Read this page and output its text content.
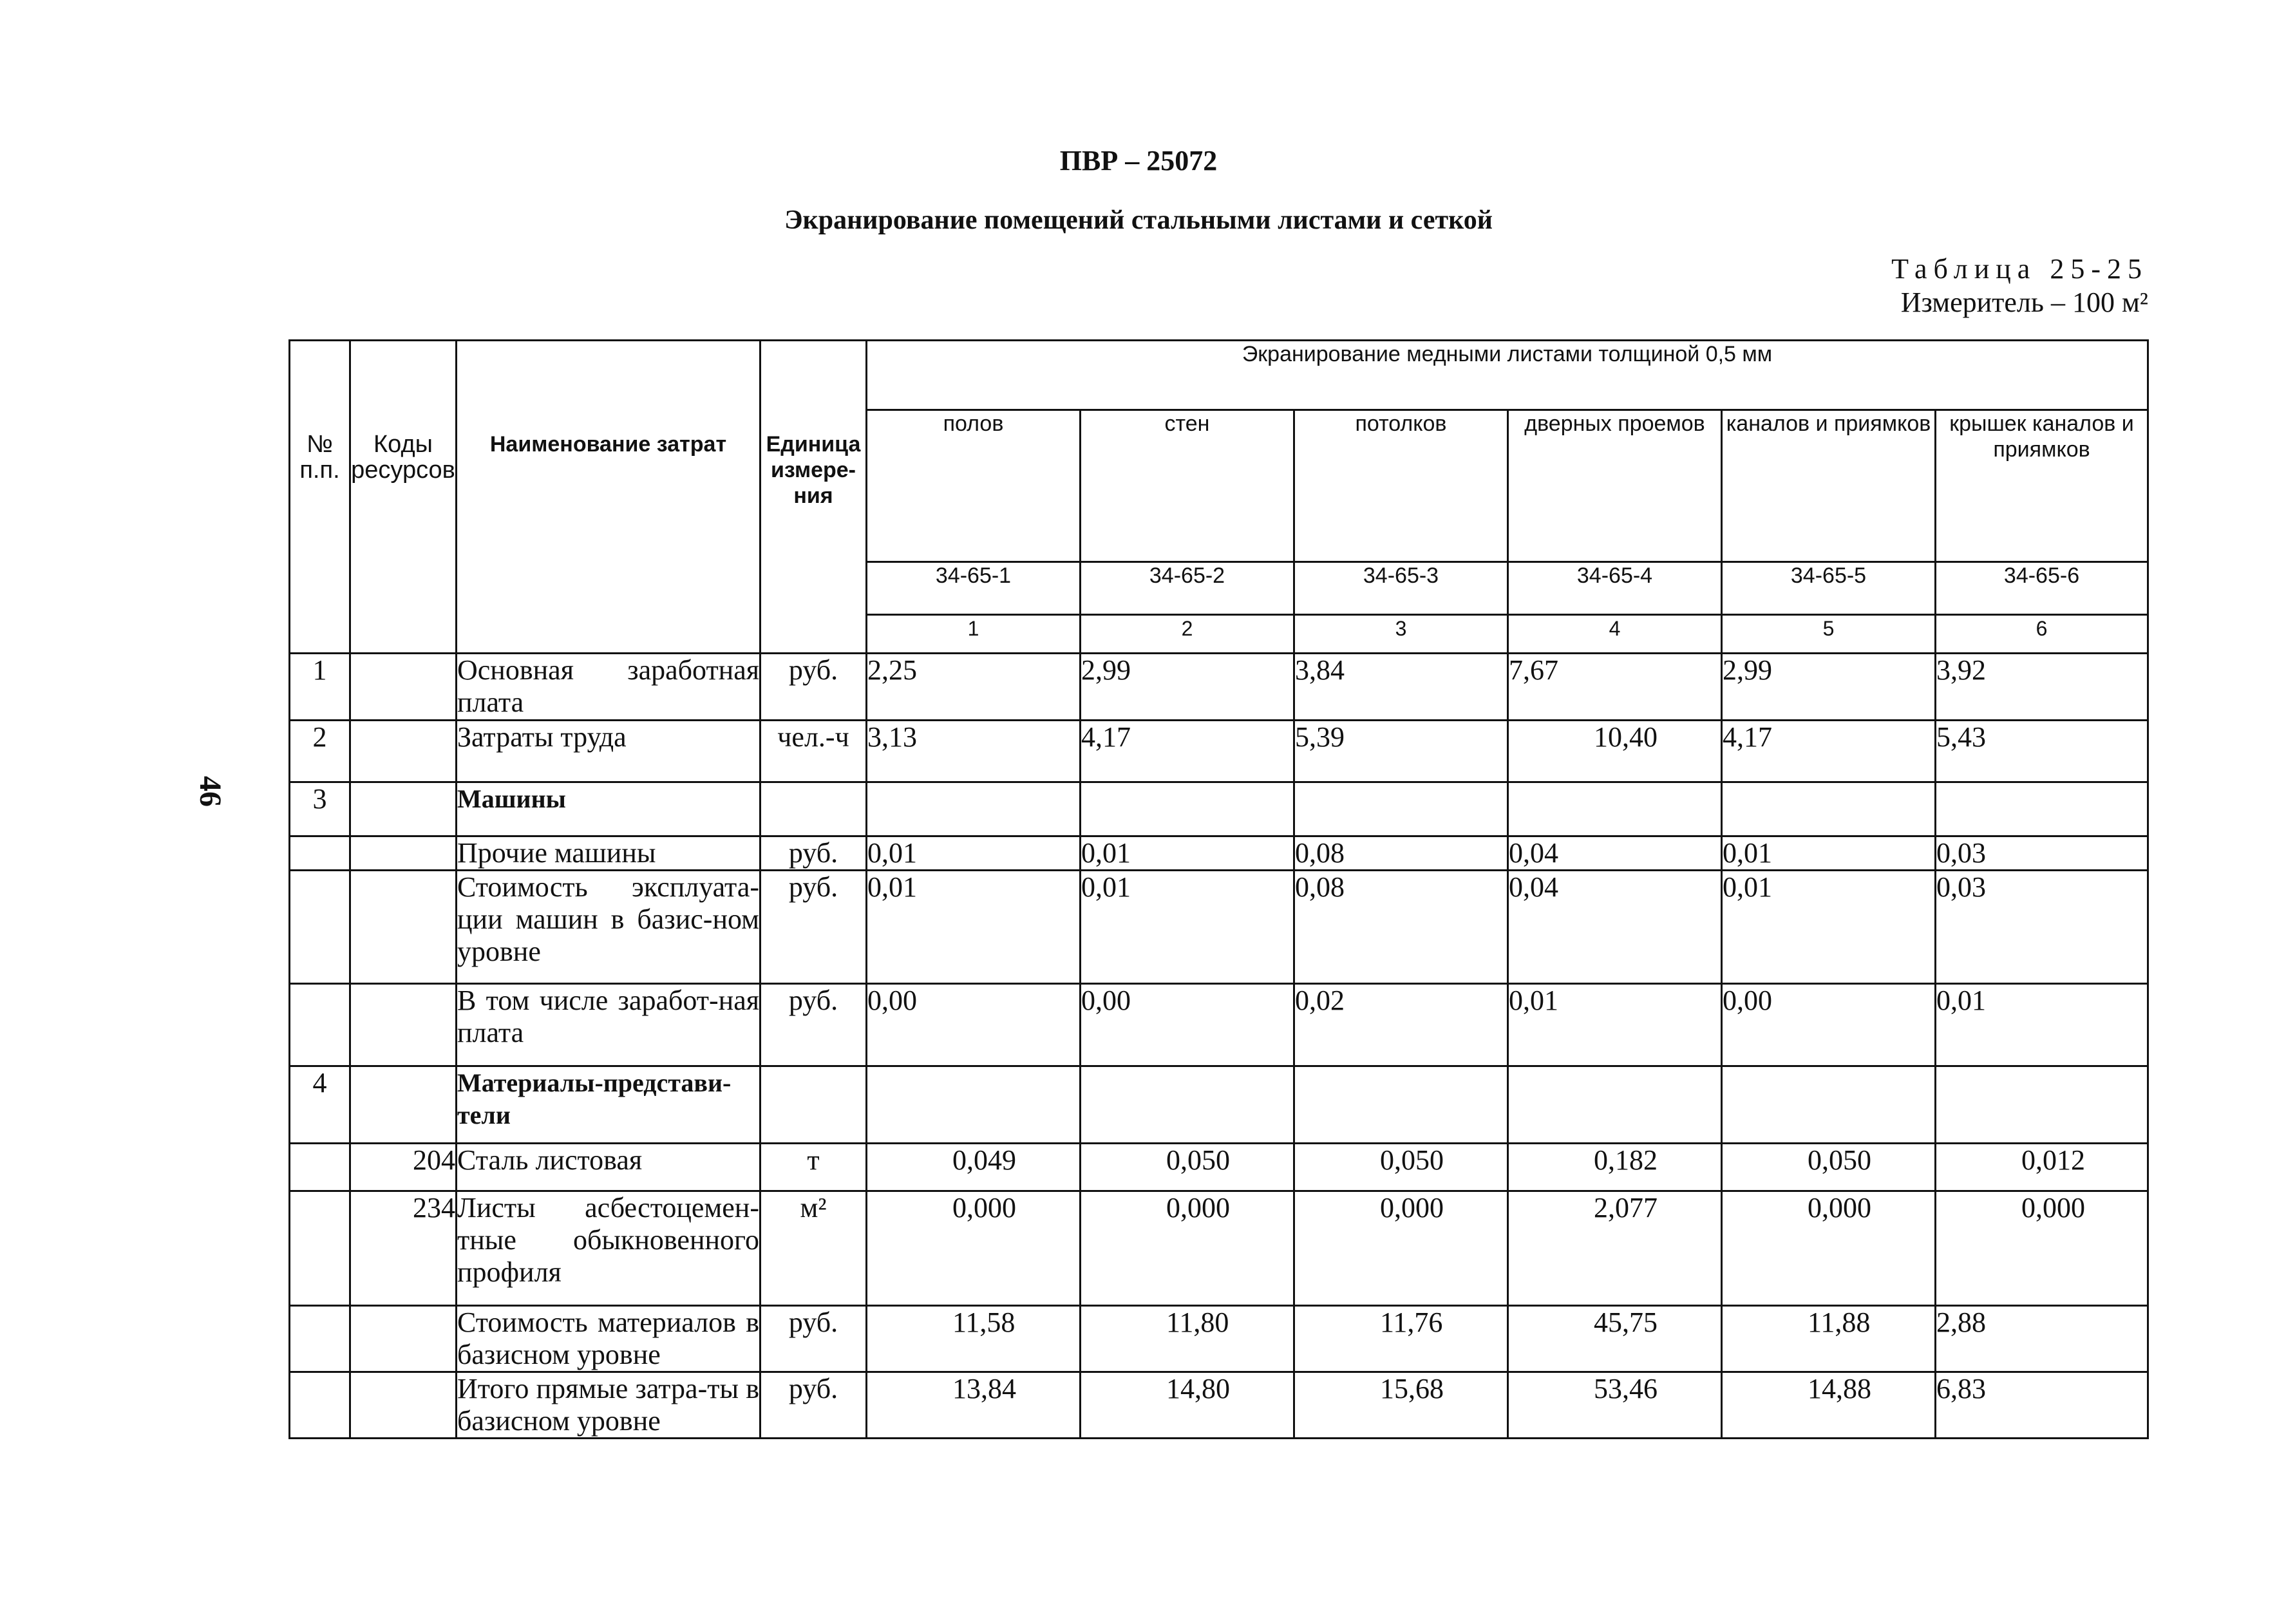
ПВР – 25072
Экранирование помещений стальными листами и сеткой
Таблица 25-25
Измеритель – 100 м²
46
№ п.п.	Коды ресурсов	Наименование затрат	Единица измере-ния	Экранирование медными листами толщиной 0,5 мм					
				полов	стен	потолков	дверных проемов	каналов и приямков	крышек каналов и приямков
				34-65-1	34-65-2	34-65-3	34-65-4	34-65-5	34-65-6
				1	2	3	4	5	6
1		Основная заработная плата	руб.	2,25	2,99	3,84	7,67	2,99	3,92
2		Затраты труда	чел.-ч	3,13	4,17	5,39	10,40	4,17	5,43
3		Машины							
		Прочие машины	руб.	0,01	0,01	0,08	0,04	0,01	0,03
		Стоимость эксплуата-ции машин в базис-ном уровне	руб.	0,01	0,01	0,08	0,04	0,01	0,03
		В том числе заработ-ная плата	руб.	0,00	0,00	0,02	0,01	0,00	0,01
4		Материалы-представи-тели							
	204	Сталь листовая	т	0,049	0,050	0,050	0,182	0,050	0,012
	234	Листы асбестоцемен-тные обыкновенного профиля	м²	0,000	0,000	0,000	2,077	0,000	0,000
		Стоимость материалов в базисном уровне	руб.	11,58	11,80	11,76	45,75	11,88	2,88
		Итого прямые затра-ты в базисном уровне	руб.	13,84	14,80	15,68	53,46	14,88	6,83
